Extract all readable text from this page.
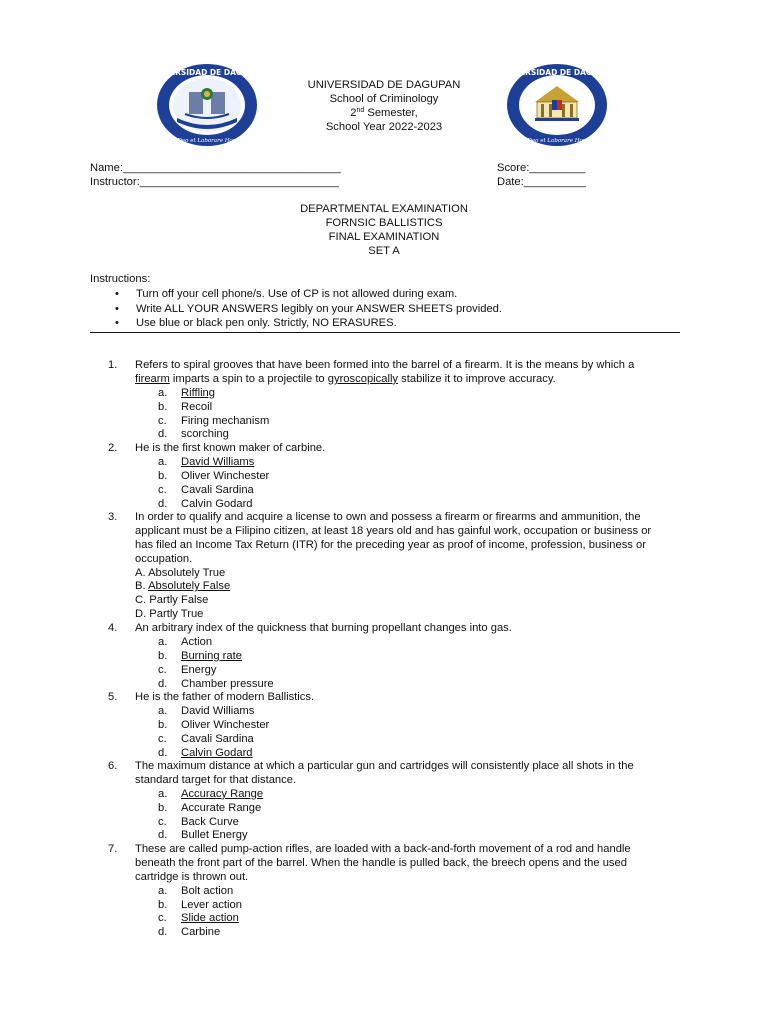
UNIVERSIDAD DE DAGUPAN
Pro Deo et Laborare Hominis
UNIVERSIDAD DE DAGUPAN
School of Criminology
2nd Semester,
School Year 2022-2023
UNIVERSIDAD DE DAGUPAN
Pro Deo et Laborare Hominis
Name:___________________________________
Instructor:________________________________
Score:_________
Date:__________
DEPARTMENTAL EXAMINATION
FORNSIC BALLISTICS
FINAL EXAMINATION
SET A
Instructions:
• Turn off your cell phone/s. Use of CP is not allowed during exam.
• Write ALL YOUR ANSWERS legibly on your ANSWER SHEETS provided.
• Use blue or black pen only. Strictly, NO ERASURES.
1.	Refers to spiral grooves that have been formed into the barrel of a firearm. It is the means by which a
firearm imparts a spin to a projectile to gyroscopically stabilize it to improve accuracy.
a. Riffling
b. Recoil
c. Firing mechanism
d. scorching
2.	He is the first known maker of carbine.
a. David Williams
b. Oliver Winchester
c. Cavali Sardina
d. Calvin Godard
3.	In order to qualify and acquire a license to own and possess a firearm or firearms and ammunition, the
applicant must be a Filipino citizen, at least 18 years old and has gainful work, occupation or business or
has filed an Income Tax Return (ITR) for the preceding year as proof of income, profession, business or
occupation.
A. Absolutely True
B. Absolutely False
C. Partly False
D. Partly True
4.	An arbitrary index of the quickness that burning propellant changes into gas.
a. Action
b. Burning rate
c. Energy
d. Chamber pressure
5.	He is the father of modern Ballistics.
a. David Williams
b. Oliver Winchester
c. Cavali Sardina
d. Calvin Godard
6.	The maximum distance at which a particular gun and cartridges will consistently place all shots in the
standard target for that distance.
a. Accuracy Range
b. Accurate Range
c. Back Curve
d. Bullet Energy
7.	These are called pump-action rifles, are loaded with a back-and-forth movement of a rod and handle
beneath the front part of the barrel. When the handle is pulled back, the breech opens and the used
cartridge is thrown out.
a. Bolt action
b. Lever action
c. Slide action
d. Carbine
